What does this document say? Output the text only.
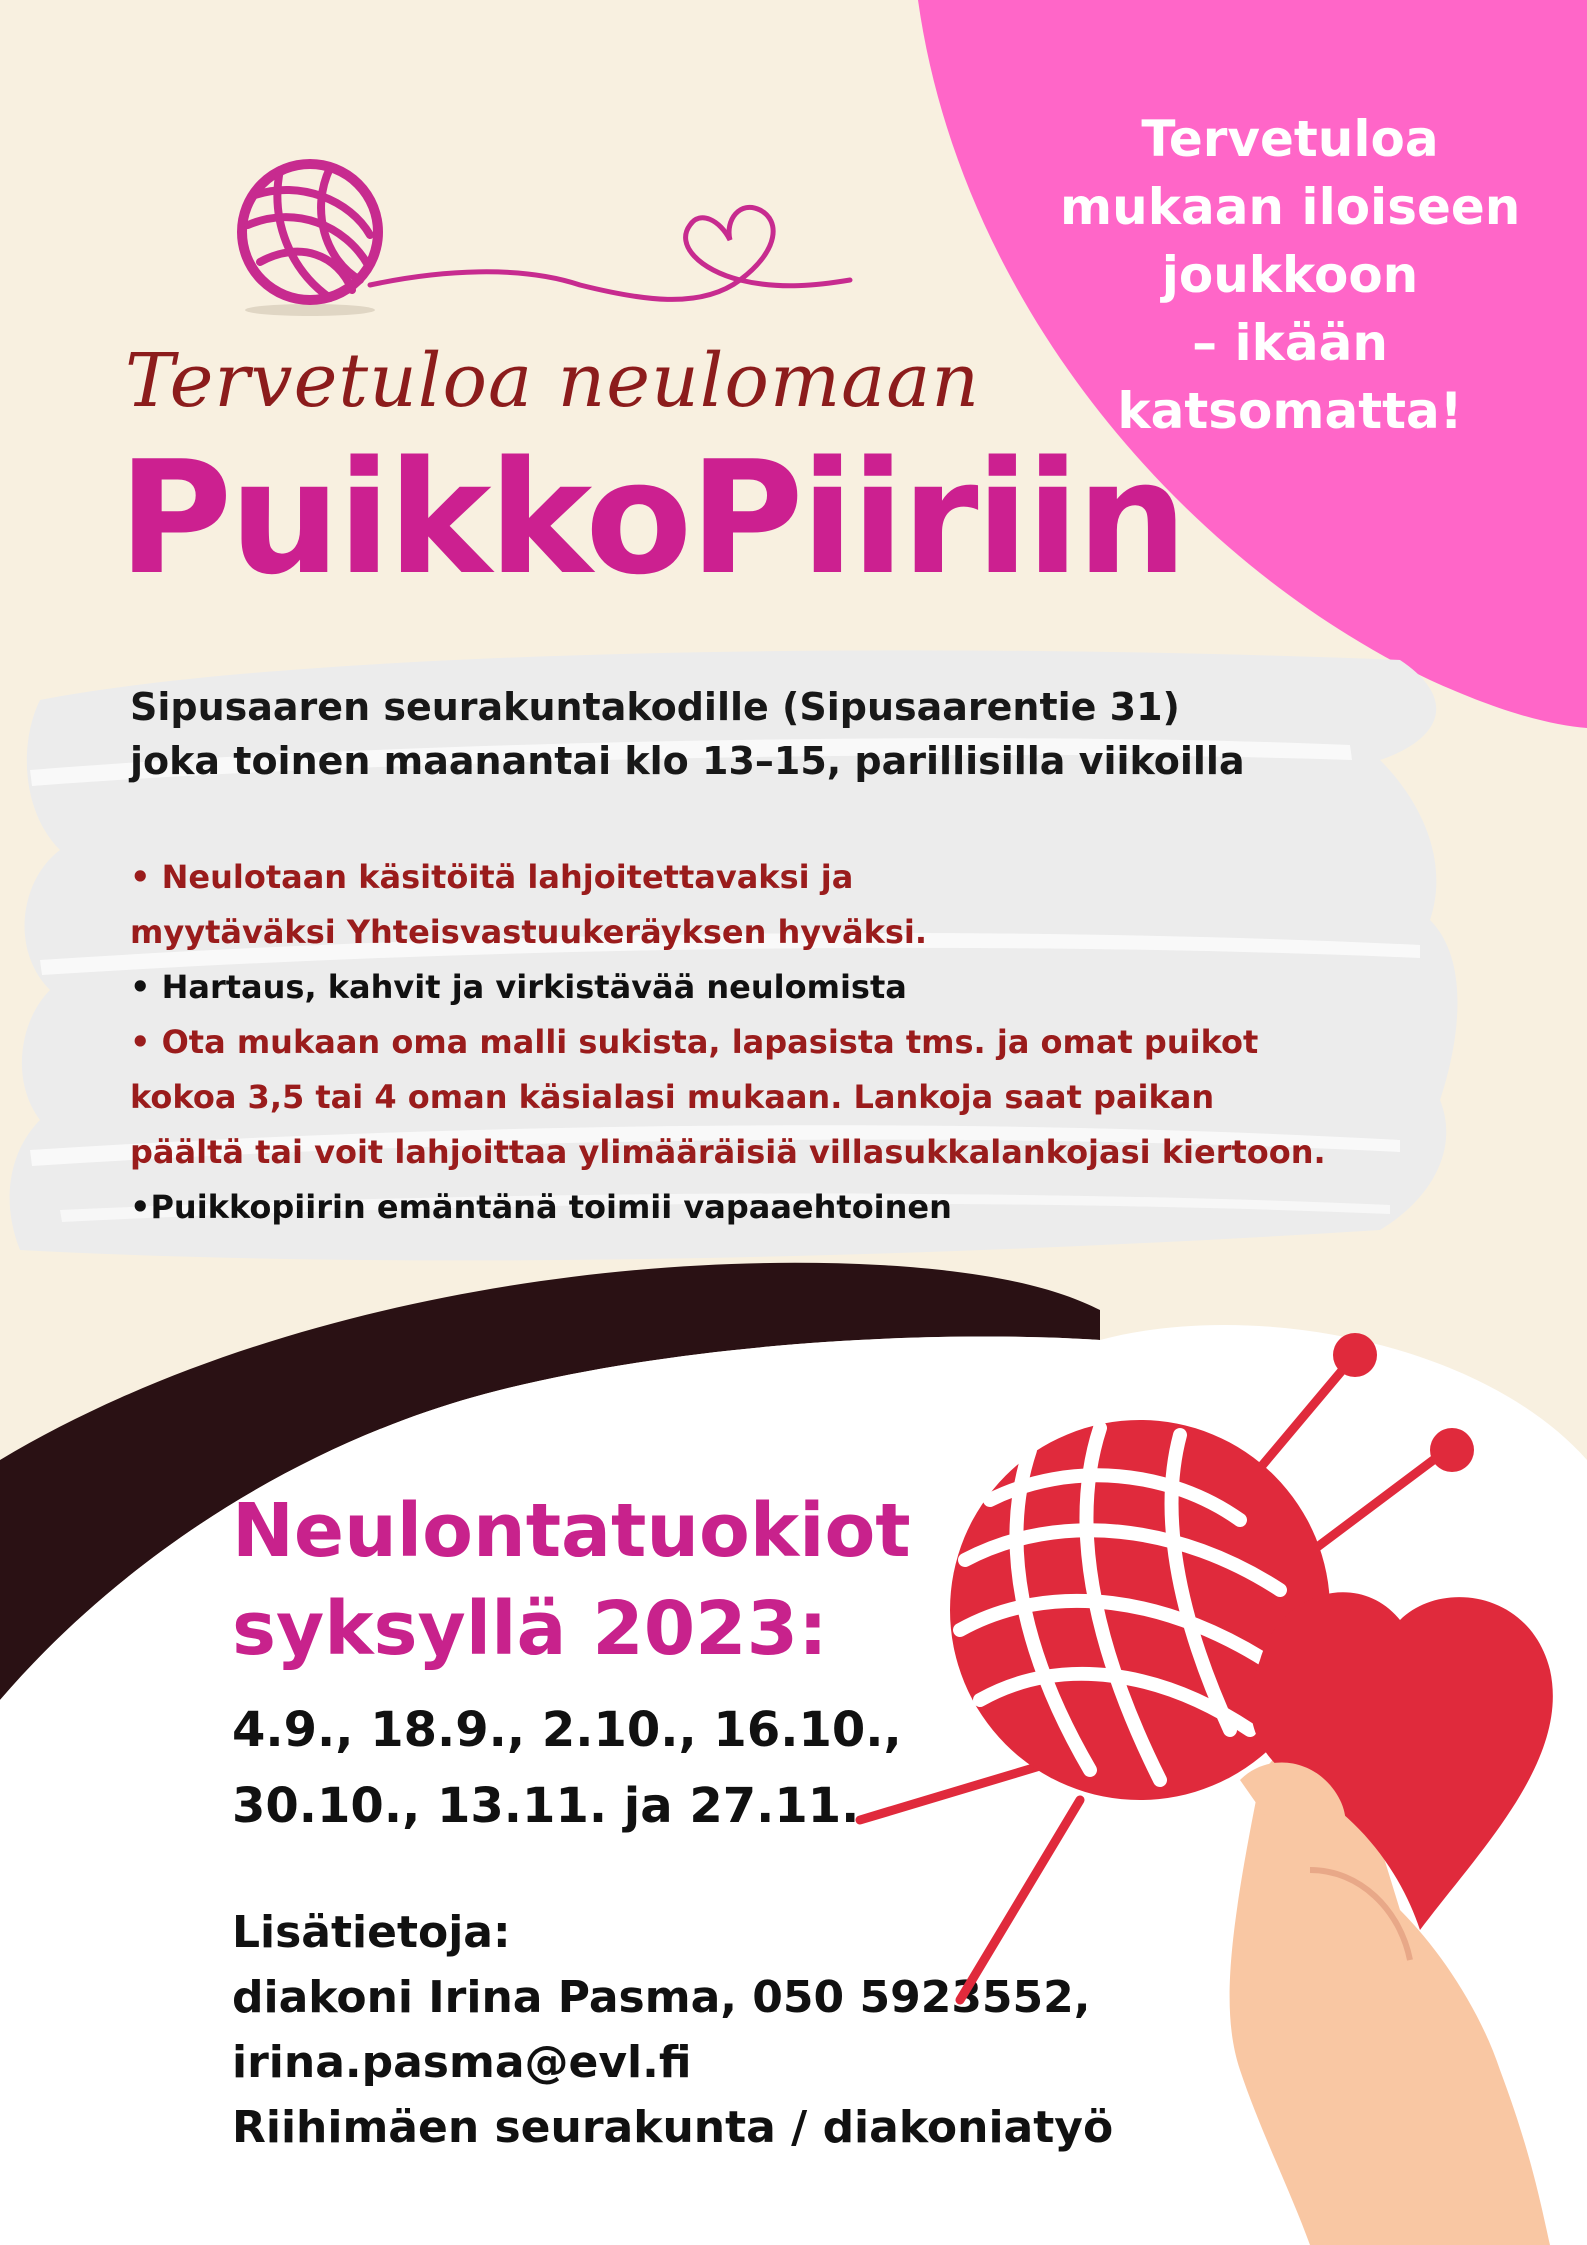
Tervetuloa
mukaan iloiseen
joukkoon
– ikään
katsomatta!
Tervetuloa neulomaan
PuikkoPiiriin
Sipusaaren seurakuntakodille (Sipusaarentie 31)
joka toinen maanantai klo 13–15, parillisilla viikoilla
• Neulotaan käsitöitä lahjoitettavaksi ja
myytäväksi Yhteisvastuukeräyksen hyväksi.
• Hartaus, kahvit ja virkistävää neulomista
• Ota mukaan oma malli sukista, lapasista tms. ja omat puikot
kokoa 3,5 tai 4 oman käsialasi mukaan. Lankoja saat paikan
päältä tai voit lahjoittaa ylimääräisiä villasukkalankojasi kiertoon.
•Puikkopiirin emäntänä toimii vapaaehtoinen
Neulontatuokiot
syksyllä 2023:
4.9., 18.9., 2.10., 16.10.,
30.10., 13.11. ja 27.11.
Lisätietoja:
diakoni Irina Pasma, 050 5923552,
irina.pasma@evl.fi
Riihimäen seurakunta / diakoniatyö
